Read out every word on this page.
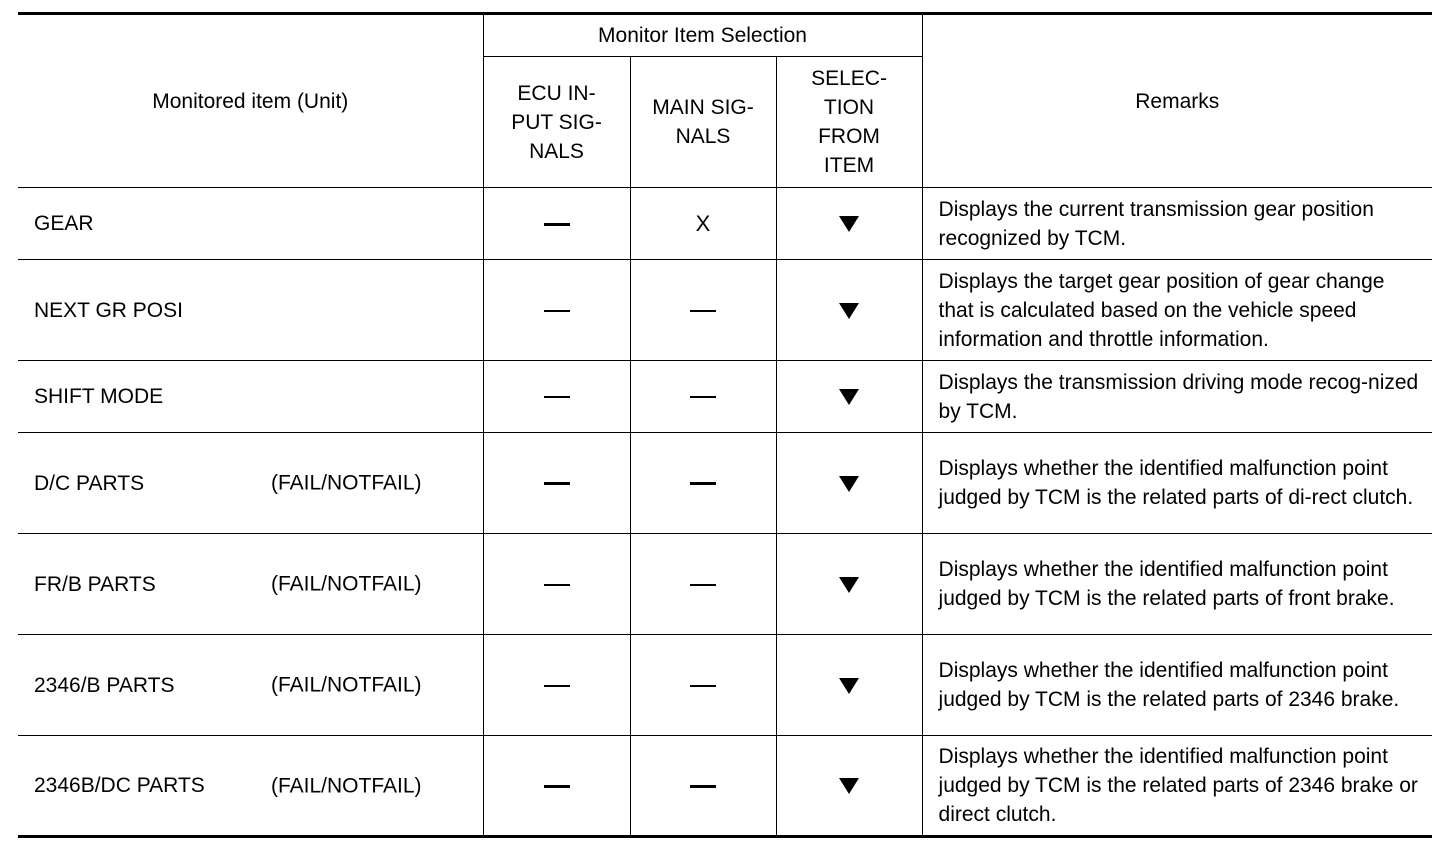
Monitored item (Unit)	Monitor Item Selection			Remarks
	ECU IN-
PUT SIG-
NALS	MAIN SIG-
NALS	SELEC-
TION
FROM
ITEM	
GEAR		X		Displays the current transmission gear position recognized by TCM.
NEXT GR POSI				Displays the target gear position of gear change that is calculated based on the vehicle speed information and throttle information.
SHIFT MODE				Displays the transmission driving mode recog-nized by TCM.
D/C PARTS (FAIL/NOTFAIL)				Displays whether the identified malfunction point judged by TCM is the related parts of di-rect clutch.
FR/B PARTS (FAIL/NOTFAIL)				Displays whether the identified malfunction point judged by TCM is the related parts of front brake.
2346/B PARTS (FAIL/NOTFAIL)				Displays whether the identified malfunction point judged by TCM is the related parts of 2346 brake.
2346B/DC PARTS (FAIL/NOTFAIL)				Displays whether the identified malfunction point judged by TCM is the related parts of 2346 brake or direct clutch.
